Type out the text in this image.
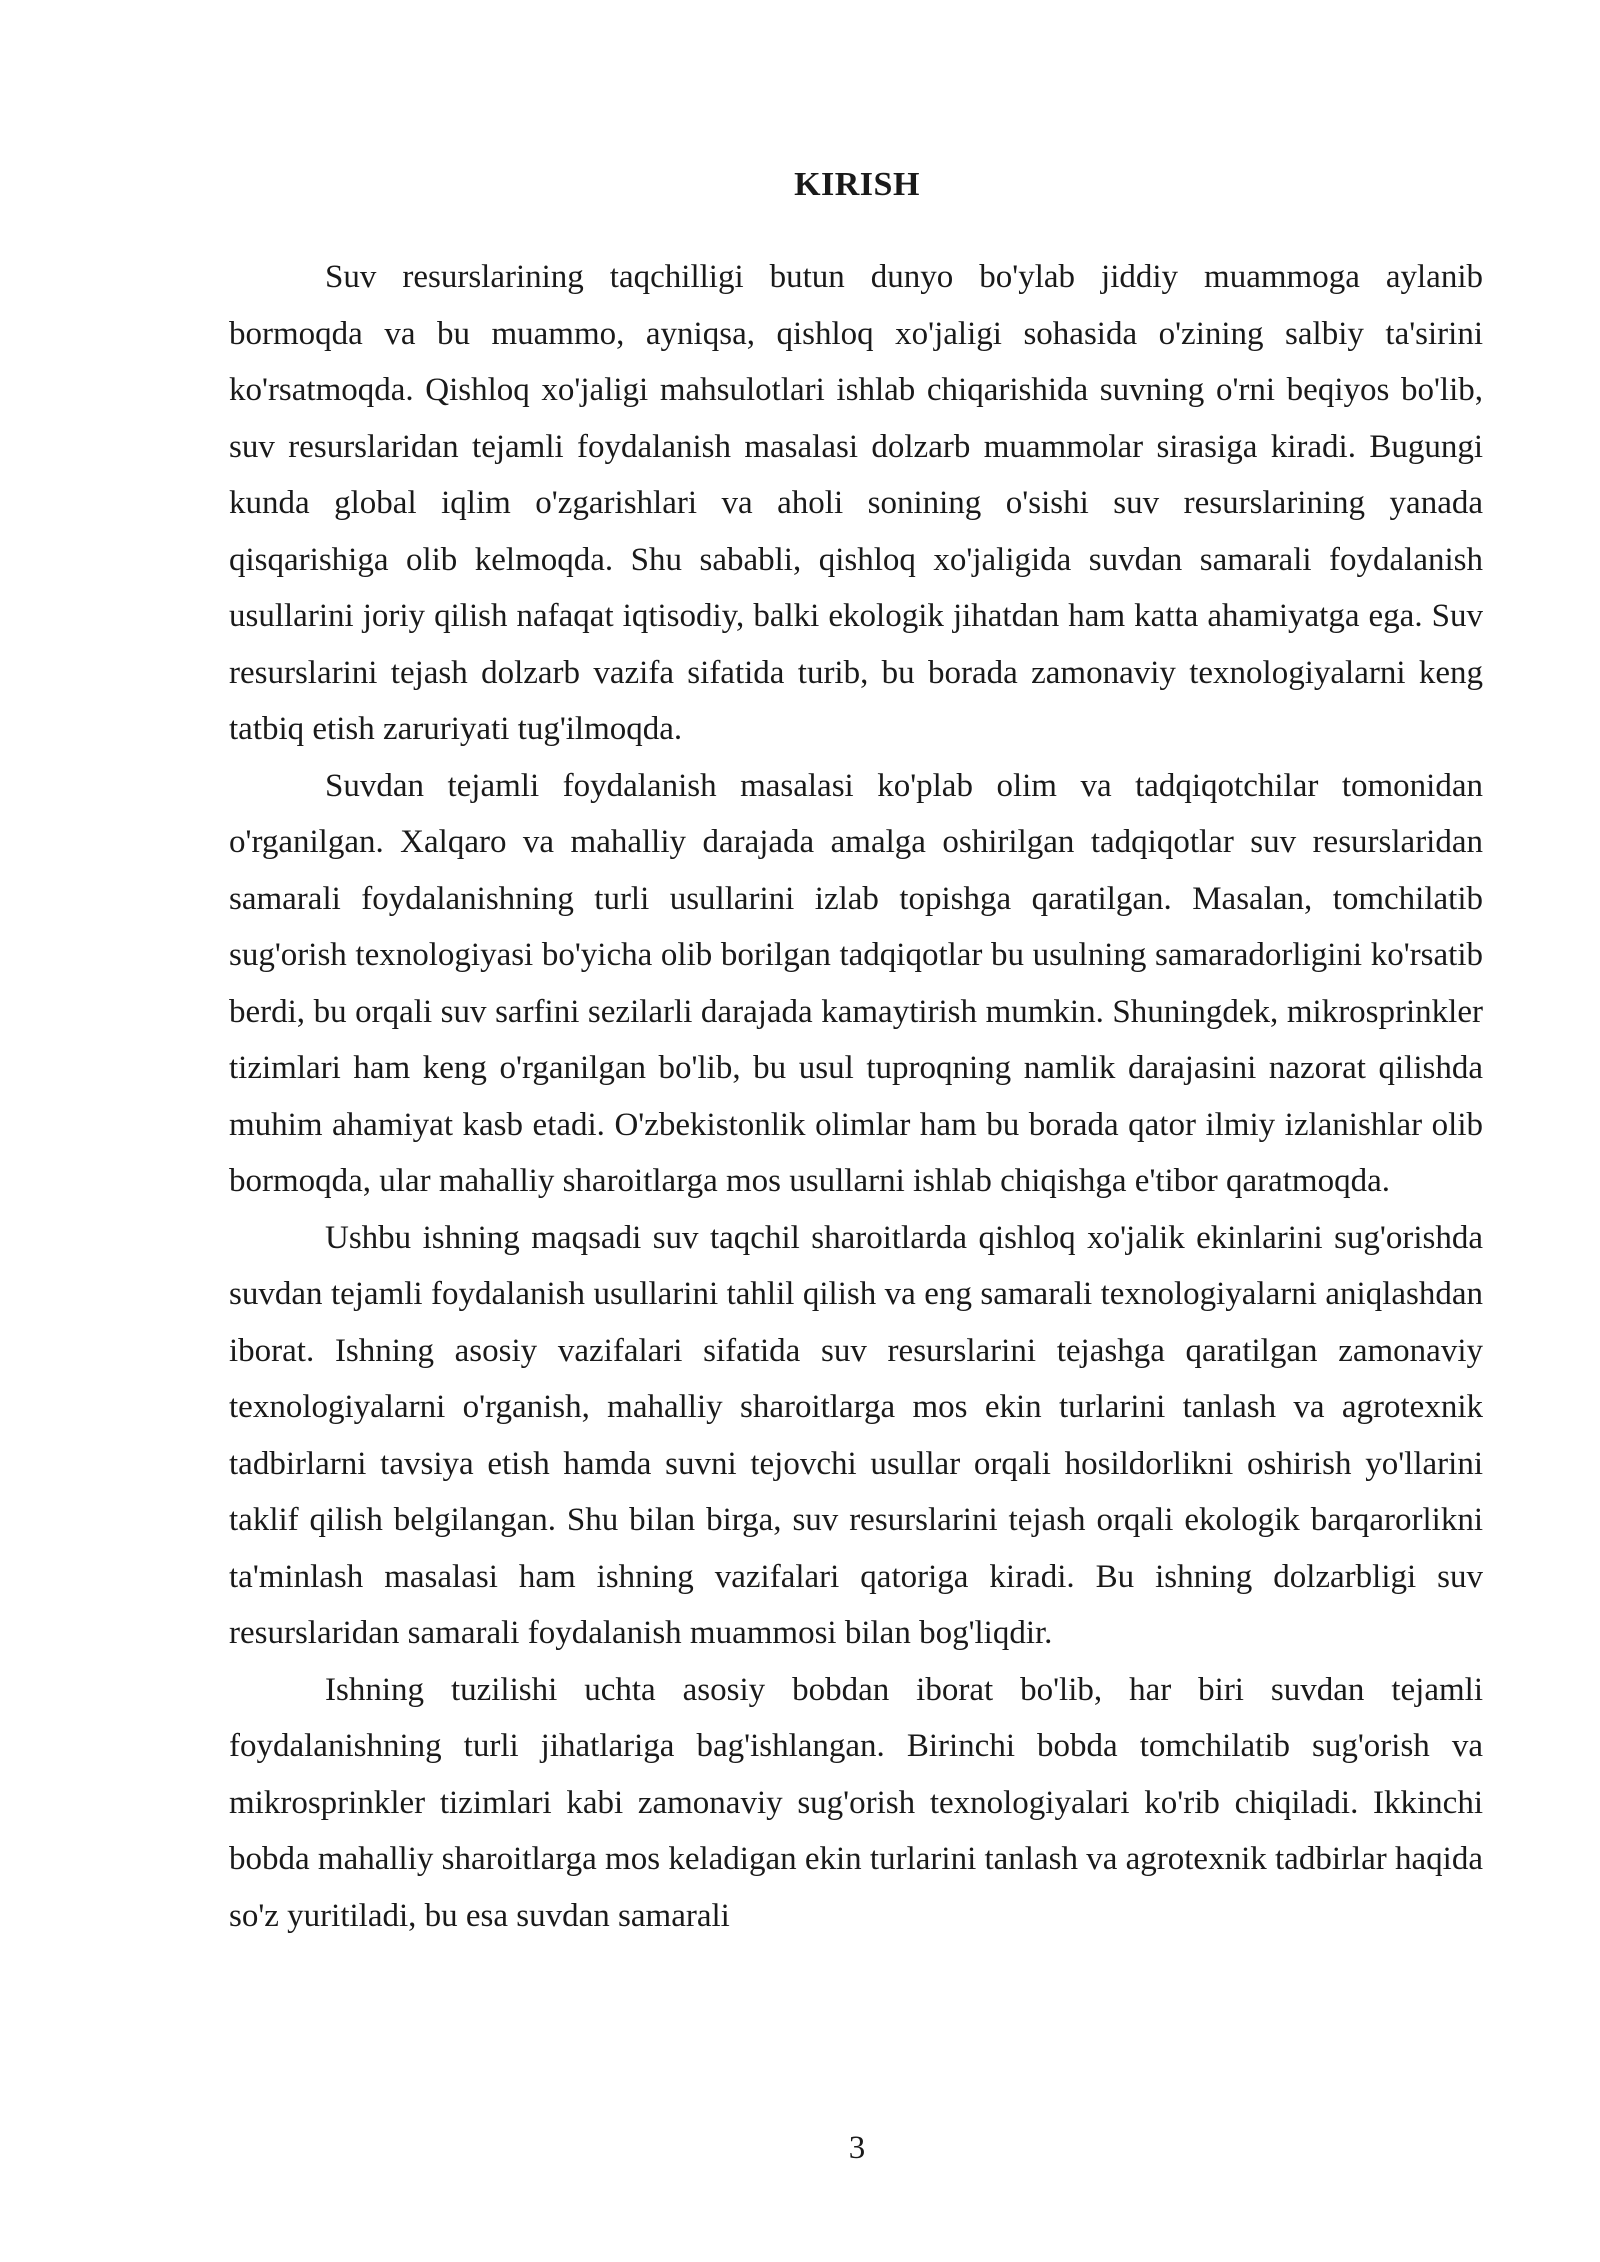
KIRISH

Suv resurslarining taqchilligi butun dunyo bo'ylab jiddiy muammoga aylanib bormoqda va bu muammo, ayniqsa, qishloq xo'jaligi sohasida o'zining salbiy ta'sirini ko'rsatmoqda. Qishloq xo'jaligi mahsulotlari ishlab chiqarishida suvning o'rni beqiyos bo'lib, suv resurslaridan tejamli foydalanish masalasi dolzarb muammolar sirasiga kiradi. Bugungi kunda global iqlim o'zgarishlari va aholi sonining o'sishi suv resurslarining yanada qisqarishiga olib kelmoqda. Shu sababli, qishloq xo'jaligida suvdan samarali foydalanish usullarini joriy qilish nafaqat iqtisodiy, balki ekologik jihatdan ham katta ahamiyatga ega. Suv resurslarini tejash dolzarb vazifa sifatida turib, bu borada zamonaviy texnologiyalarni keng tatbiq etish zaruriyati tug'ilmoqda.

Suvdan tejamli foydalanish masalasi ko'plab olim va tadqiqotchilar tomonidan o'rganilgan. Xalqaro va mahalliy darajada amalga oshirilgan tadqiqotlar suv resurslaridan samarali foydalanishning turli usullarini izlab topishga qaratilgan. Masalan, tomchilatib sug'orish texnologiyasi bo'yicha olib borilgan tadqiqotlar bu usulning samaradorligini ko'rsatib berdi, bu orqali suv sarfini sezilarli darajada kamaytirish mumkin. Shuningdek, mikrosprinkler tizimlari ham keng o'rganilgan bo'lib, bu usul tuproqning namlik darajasini nazorat qilishda muhim ahamiyat kasb etadi. O'zbekistonlik olimlar ham bu borada qator ilmiy izlanishlar olib bormoqda, ular mahalliy sharoitlarga mos usullarni ishlab chiqishga e'tibor qaratmoqda.

Ushbu ishning maqsadi suv taqchil sharoitlarda qishloq xo'jalik ekinlarini sug'orishda suvdan tejamli foydalanish usullarini tahlil qilish va eng samarali texnologiyalarni aniqlashdan iborat. Ishning asosiy vazifalari sifatida suv resurslarini tejashga qaratilgan zamonaviy texnologiyalarni o'rganish, mahalliy sharoitlarga mos ekin turlarini tanlash va agrotexnik tadbirlarni tavsiya etish hamda suvni tejovchi usullar orqali hosildorlikni oshirish yo'llarini taklif qilish belgilangan. Shu bilan birga, suv resurslarini tejash orqali ekologik barqarorlikni ta'minlash masalasi ham ishning vazifalari qatoriga kiradi. Bu ishning dolzarbligi suv resurslaridan samarali foydalanish muammosi bilan bog'liqdir.

Ishning tuzilishi uchta asosiy bobdan iborat bo'lib, har biri suvdan tejamli foydalanishning turli jihatlariga bag'ishlangan. Birinchi bobda tomchilatib sug'orish va mikrosprinkler tizimlari kabi zamonaviy sug'orish texnologiyalari ko'rib chiqiladi. Ikkinchi bobda mahalliy sharoitlarga mos keladigan ekin turlarini tanlash va agrotexnik tadbirlar haqida so'z yuritiladi, bu esa suvdan samarali

3
